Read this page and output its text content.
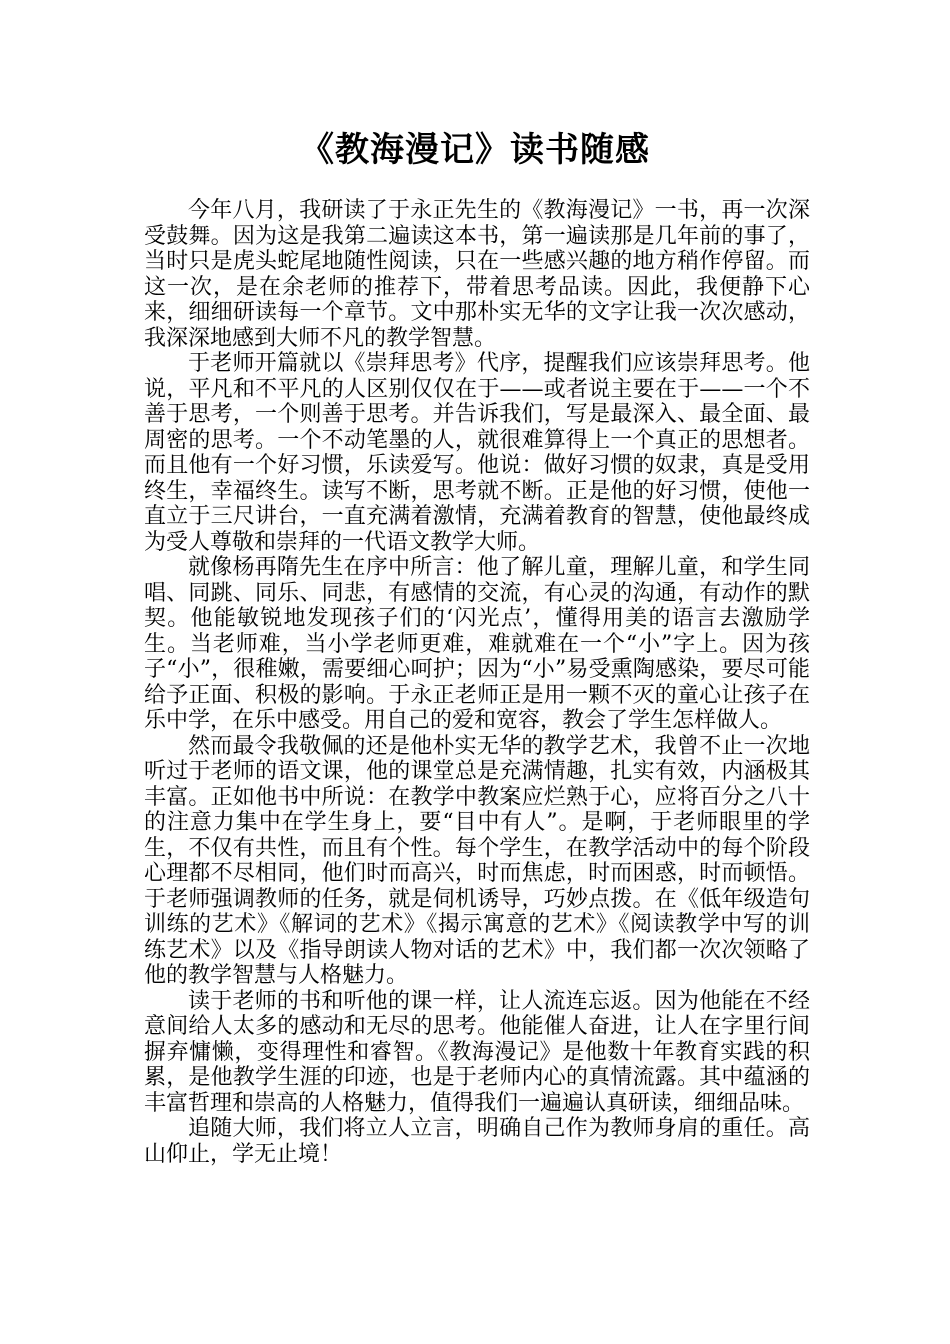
《教海漫记》读书随感

今年八月，我研读了于永正先生的《教海漫记》一书，再一次深受鼓舞。因为这是我第二遍读这本书，第一遍读那是几年前的事了，当时只是虎头蛇尾地随性阅读，只在一些感兴趣的地方稍作停留。而这一次，是在余老师的推荐下，带着思考品读。因此，我便静下心来，细细研读每一个章节。文中那朴实无华的文字让我一次次感动，我深深地感到大师不凡的教学智慧。

于老师开篇就以《崇拜思考》代序，提醒我们应该崇拜思考。他说，平凡和不平凡的人区别仅仅在于——或者说主要在于——一个不善于思考，一个则善于思考。并告诉我们，写是最深入、最全面、最周密的思考。一个不动笔墨的人，就很难算得上一个真正的思想者。而且他有一个好习惯，乐读爱写。他说：做好习惯的奴隶，真是受用终生，幸福终生。读写不断，思考就不断。正是他的好习惯，使他一直立于三尺讲台，一直充满着激情，充满着教育的智慧，使他最终成为受人尊敬和崇拜的一代语文教学大师。

就像杨再隋先生在序中所言：他了解儿童，理解儿童，和学生同唱、同跳、同乐、同悲，有感情的交流，有心灵的沟通，有动作的默契。他能敏锐地发现孩子们的‘闪光点’，懂得用美的语言去激励学生。当老师难，当小学老师更难，难就难在一个“小”字上。因为孩子“小”，很稚嫩，需要细心呵护；因为“小”易受熏陶感染，要尽可能给予正面、积极的影响。于永正老师正是用一颗不灭的童心让孩子在乐中学，在乐中感受。用自己的爱和宽容，教会了学生怎样做人。

然而最令我敬佩的还是他朴实无华的教学艺术，我曾不止一次地听过于老师的语文课，他的课堂总是充满情趣，扎实有效，内涵极其丰富。正如他书中所说：在教学中教案应烂熟于心，应将百分之八十的注意力集中在学生身上，要“目中有人”。是啊，于老师眼里的学生，不仅有共性，而且有个性。每个学生，在教学活动中的每个阶段心理都不尽相同，他们时而高兴，时而焦虑，时而困惑，时而顿悟。于老师强调教师的任务，就是伺机诱导，巧妙点拨。在《低年级造句训练的艺术》《解词的艺术》《揭示寓意的艺术》《阅读教学中写的训练艺术》以及《指导朗读人物对话的艺术》中，我们都一次次领略了他的教学智慧与人格魅力。

读于老师的书和听他的课一样，让人流连忘返。因为他能在不经意间给人太多的感动和无尽的思考。他能催人奋进，让人在字里行间摒弃慵懒，变得理性和睿智。《教海漫记》是他数十年教育实践的积累，是他教学生涯的印迹，也是于老师内心的真情流露。其中蕴涵的丰富哲理和崇高的人格魅力，值得我们一遍遍认真研读，细细品味。

追随大师，我们将立人立言，明确自己作为教师身肩的重任。高山仰止，学无止境！
